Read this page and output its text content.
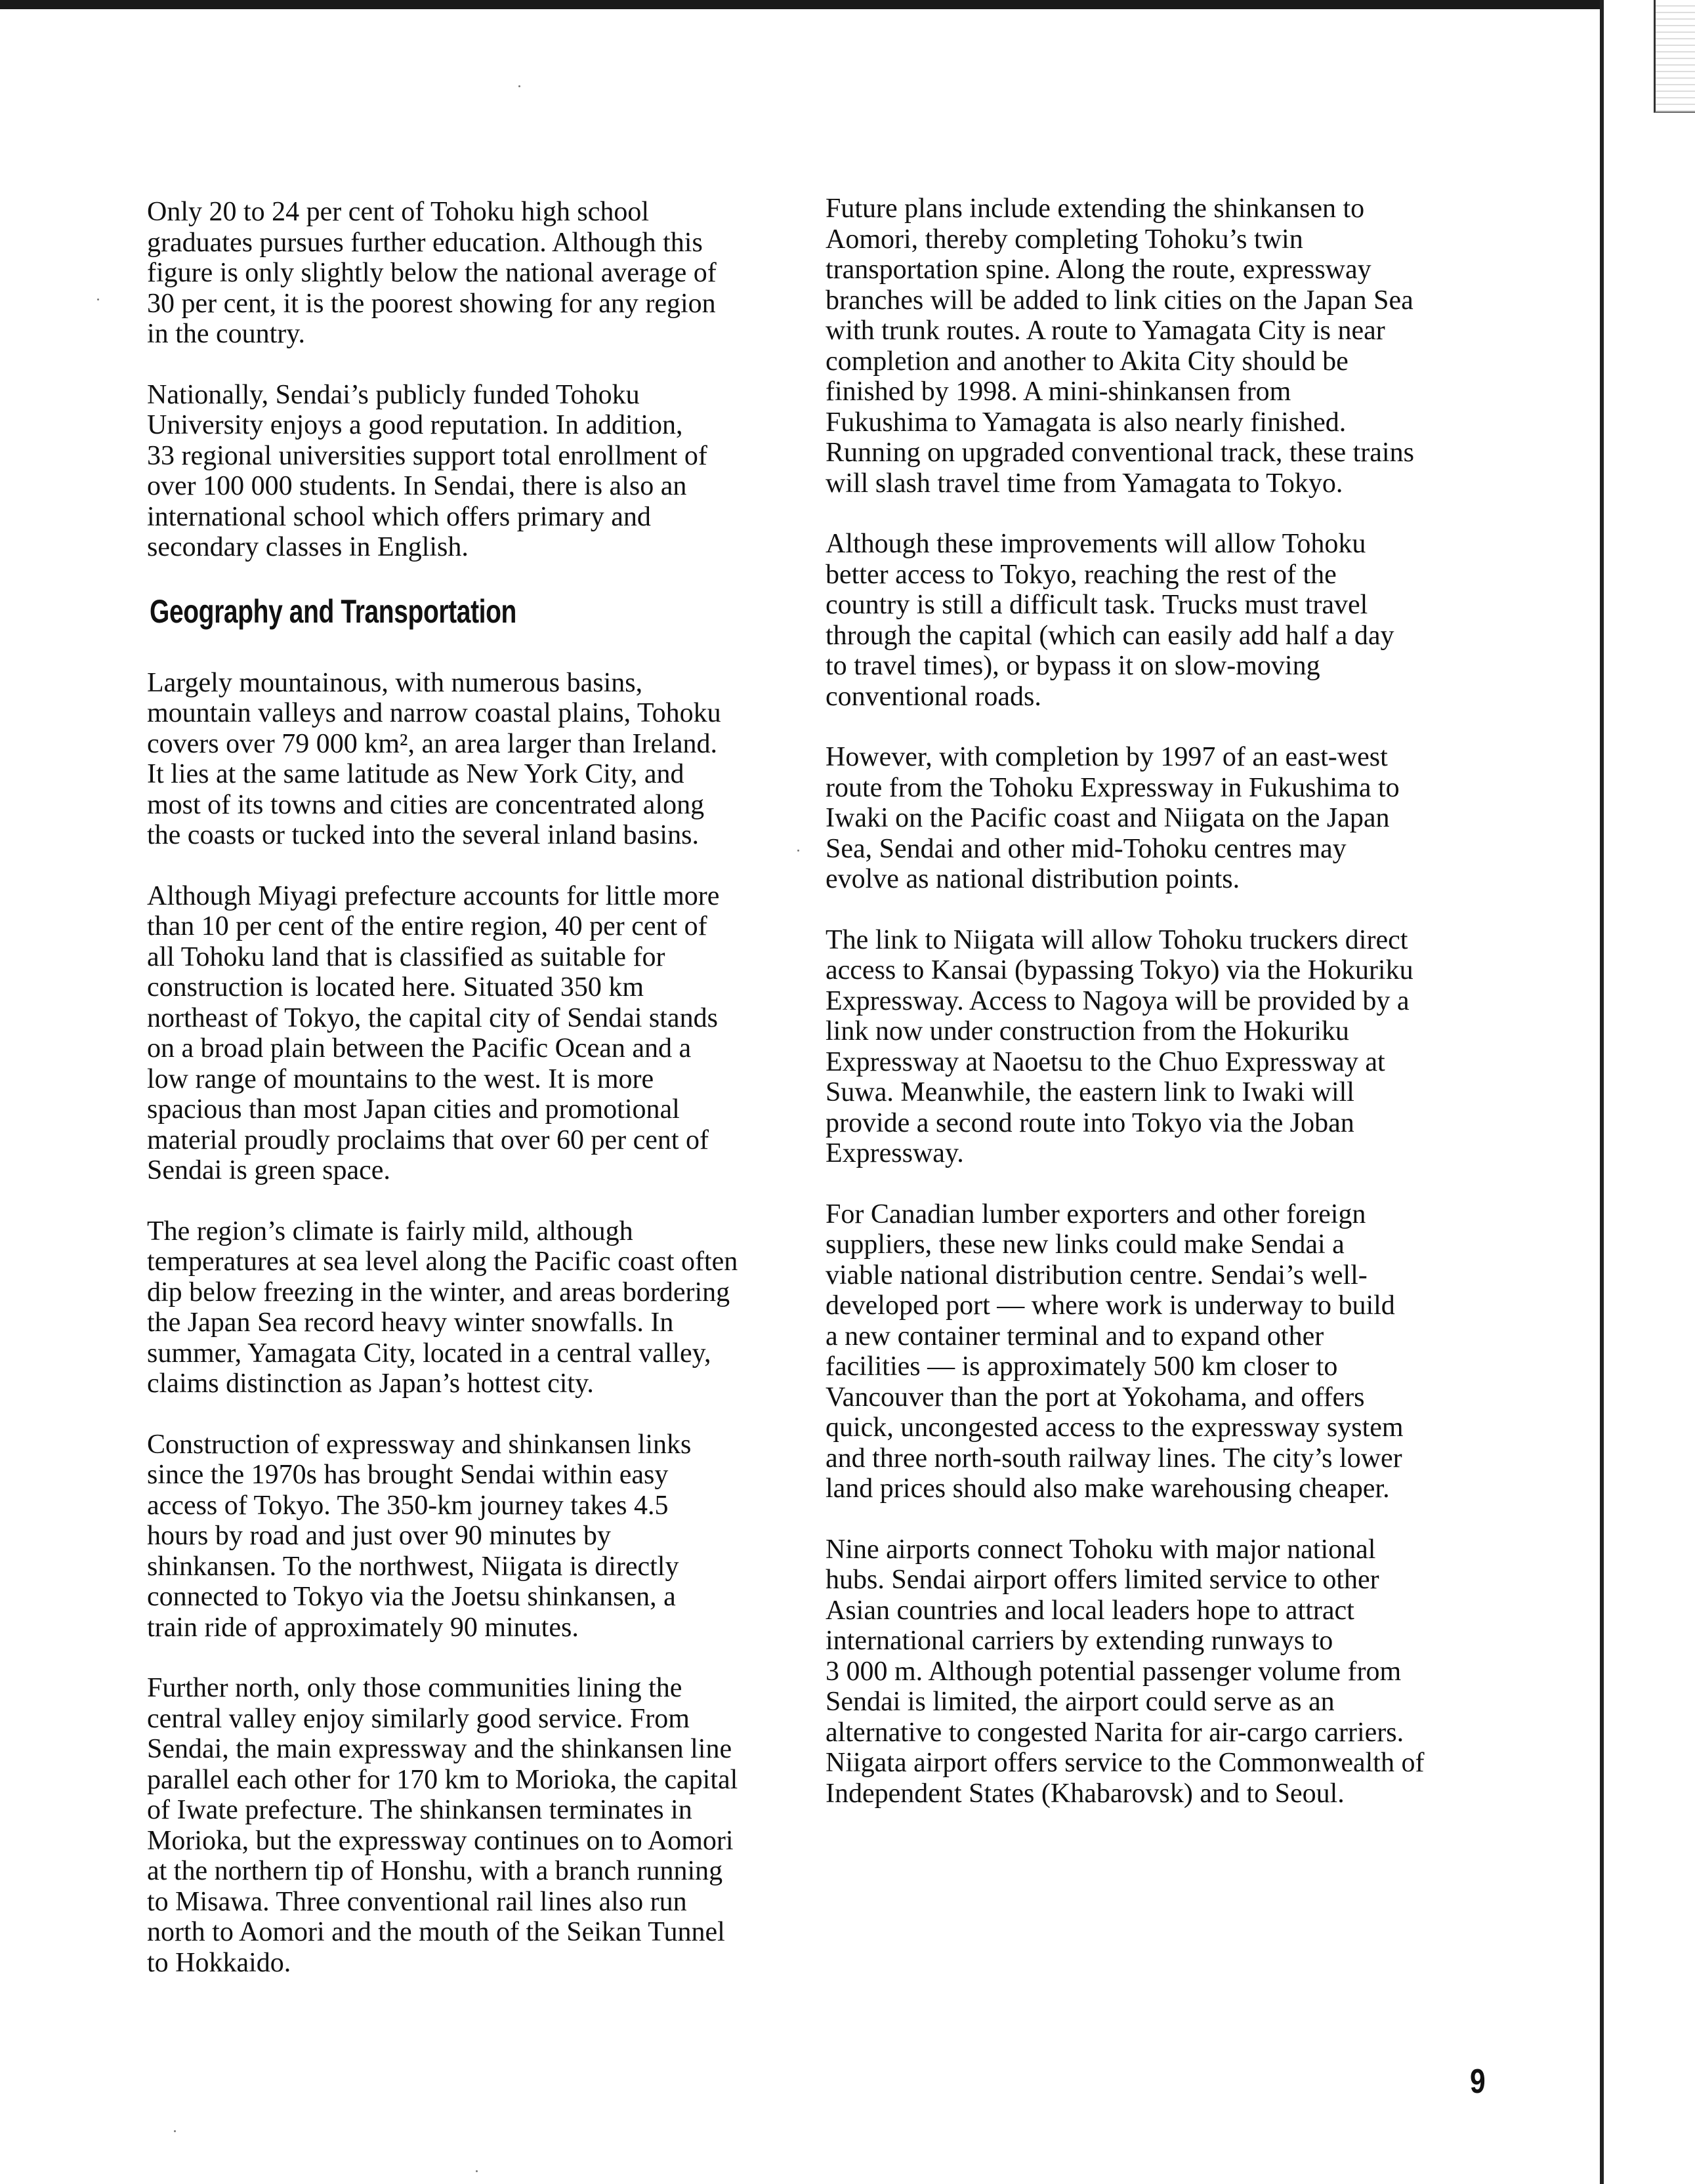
Only 20 to 24 per cent of Tohoku high school
graduates pursues further education. Although this
figure is only slightly below the national average of
30 per cent, it is the poorest showing for any region
in the country.

Nationally, Sendai’s publicly funded Tohoku
University enjoys a good reputation. In addition,
33 regional universities support total enrollment of
over 100 000 students. In Sendai, there is also an
international school which offers primary and
secondary classes in English.

Geography and Transportation

Largely mountainous, with numerous basins,
mountain valleys and narrow coastal plains, Tohoku
covers over 79 000 km², an area larger than Ireland.
It lies at the same latitude as New York City, and
most of its towns and cities are concentrated along
the coasts or tucked into the several inland basins.

Although Miyagi prefecture accounts for little more
than 10 per cent of the entire region, 40 per cent of
all Tohoku land that is classified as suitable for
construction is located here. Situated 350 km
northeast of Tokyo, the capital city of Sendai stands
on a broad plain between the Pacific Ocean and a
low range of mountains to the west. It is more
spacious than most Japan cities and promotional
material proudly proclaims that over 60 per cent of
Sendai is green space.

The region’s climate is fairly mild, although
temperatures at sea level along the Pacific coast often
dip below freezing in the winter, and areas bordering
the Japan Sea record heavy winter snowfalls. In
summer, Yamagata City, located in a central valley,
claims distinction as Japan’s hottest city.

Construction of expressway and shinkansen links
since the 1970s has brought Sendai within easy
access of Tokyo. The 350-km journey takes 4.5
hours by road and just over 90 minutes by
shinkansen. To the northwest, Niigata is directly
connected to Tokyo via the Joetsu shinkansen, a
train ride of approximately 90 minutes.

Further north, only those communities lining the
central valley enjoy similarly good service. From
Sendai, the main expressway and the shinkansen line
parallel each other for 170 km to Morioka, the capital
of Iwate prefecture. The shinkansen terminates in
Morioka, but the expressway continues on to Aomori
at the northern tip of Honshu, with a branch running
to Misawa. Three conventional rail lines also run
north to Aomori and the mouth of the Seikan Tunnel
to Hokkaido.

Future plans include extending the shinkansen to
Aomori, thereby completing Tohoku’s twin
transportation spine. Along the route, expressway
branches will be added to link cities on the Japan Sea
with trunk routes. A route to Yamagata City is near
completion and another to Akita City should be
finished by 1998. A mini-shinkansen from
Fukushima to Yamagata is also nearly finished.
Running on upgraded conventional track, these trains
will slash travel time from Yamagata to Tokyo.

Although these improvements will allow Tohoku
better access to Tokyo, reaching the rest of the
country is still a difficult task. Trucks must travel
through the capital (which can easily add half a day
to travel times), or bypass it on slow-moving
conventional roads.

However, with completion by 1997 of an east-west
route from the Tohoku Expressway in Fukushima to
Iwaki on the Pacific coast and Niigata on the Japan
Sea, Sendai and other mid-Tohoku centres may
evolve as national distribution points.

The link to Niigata will allow Tohoku truckers direct
access to Kansai (bypassing Tokyo) via the Hokuriku
Expressway. Access to Nagoya will be provided by a
link now under construction from the Hokuriku
Expressway at Naoetsu to the Chuo Expressway at
Suwa. Meanwhile, the eastern link to Iwaki will
provide a second route into Tokyo via the Joban
Expressway.

For Canadian lumber exporters and other foreign
suppliers, these new links could make Sendai a
viable national distribution centre. Sendai’s well-
developed port — where work is underway to build
a new container terminal and to expand other
facilities — is approximately 500 km closer to
Vancouver than the port at Yokohama, and offers
quick, uncongested access to the expressway system
and three north-south railway lines. The city’s lower
land prices should also make warehousing cheaper.

Nine airports connect Tohoku with major national
hubs. Sendai airport offers limited service to other
Asian countries and local leaders hope to attract
international carriers by extending runways to
3 000 m. Although potential passenger volume from
Sendai is limited, the airport could serve as an
alternative to congested Narita for air-cargo carriers.
Niigata airport offers service to the Commonwealth of
Independent States (Khabarovsk) and to Seoul.

9
